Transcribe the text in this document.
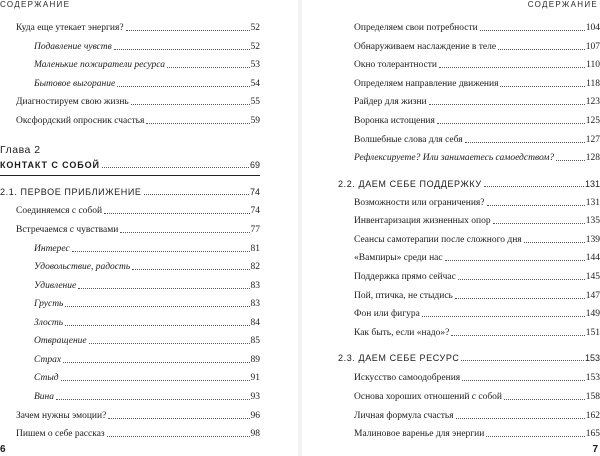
СОДЕРЖАНИЕ
Куда еще утекает энергия?	52
Подавление чувств	52
Маленькие пожиратели ресурса	53
Бытовое выгорание	54
Диагностируем свою жизнь	55
Оксфордский опросник счастья	59
Глава 2
КОНТАКТ С СОБОЙ	69
2.1. ПЕРВОЕ ПРИБЛИЖЕНИЕ	74
Соединяемся с собой	74
Встречаемся с чувствами	77
Интерес	81
Удовольствие, радость	82
Удивление	83
Грусть	83
Злость	84
Отвращение	85
Страх	89
Стыд	91
Вина	93
Зачем нужны эмоции?	96
Пишем о себе рассказ	98
6
СОДЕРЖАНИЕ
Определяем свои потребности	104
Обнаруживаем наслаждение в теле	107
Окно толерантности	110
Определяем направление движения	118
Райдер для жизни	123
Воронка истощения	125
Волшебные слова для себя	127
Рефлексируете? Или занимаетесь самоедством?	128
2.2. ДАЕМ СЕБЕ ПОДДЕРЖКУ	131
Возможности или ограничения?	131
Инвентаризация жизненных опор	135
Сеансы самотерапии после сложного дня	139
«Вампиры» среди нас	144
Поддержка прямо сейчас	145
Пой, птичка, не стыдись	147
Фон или фигура	149
Как быть, если «надо»?	151
2.3. ДАЕМ СЕБЕ РЕСУРС	153
Искусство самоодобрения	153
Основа хороших отношений с собой	158
Личная формула счастья	162
Малиновое варенье для энергии	165
7
